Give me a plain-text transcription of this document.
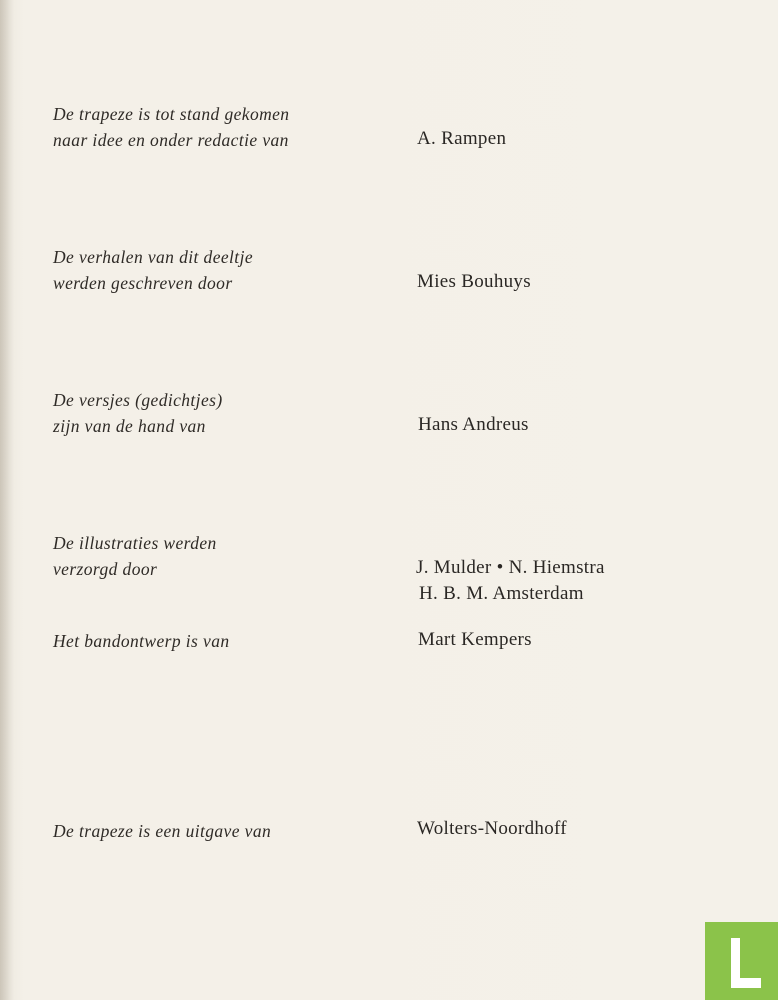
De trapeze is tot stand gekomen
naar idee en onder redactie van	A. Rampen
De verhalen van dit deeltje
werden geschreven door	Mies Bouhuys
De versjes (gedichtjes)
zijn van de hand van	Hans Andreus
De illustraties werden
verzorgd door	J. Mulder • N. Hiemstra
H. B. M. Amsterdam
Het bandontwerp is van	Mart Kempers
De trapeze is een uitgave van	Wolters-Noordhoff
